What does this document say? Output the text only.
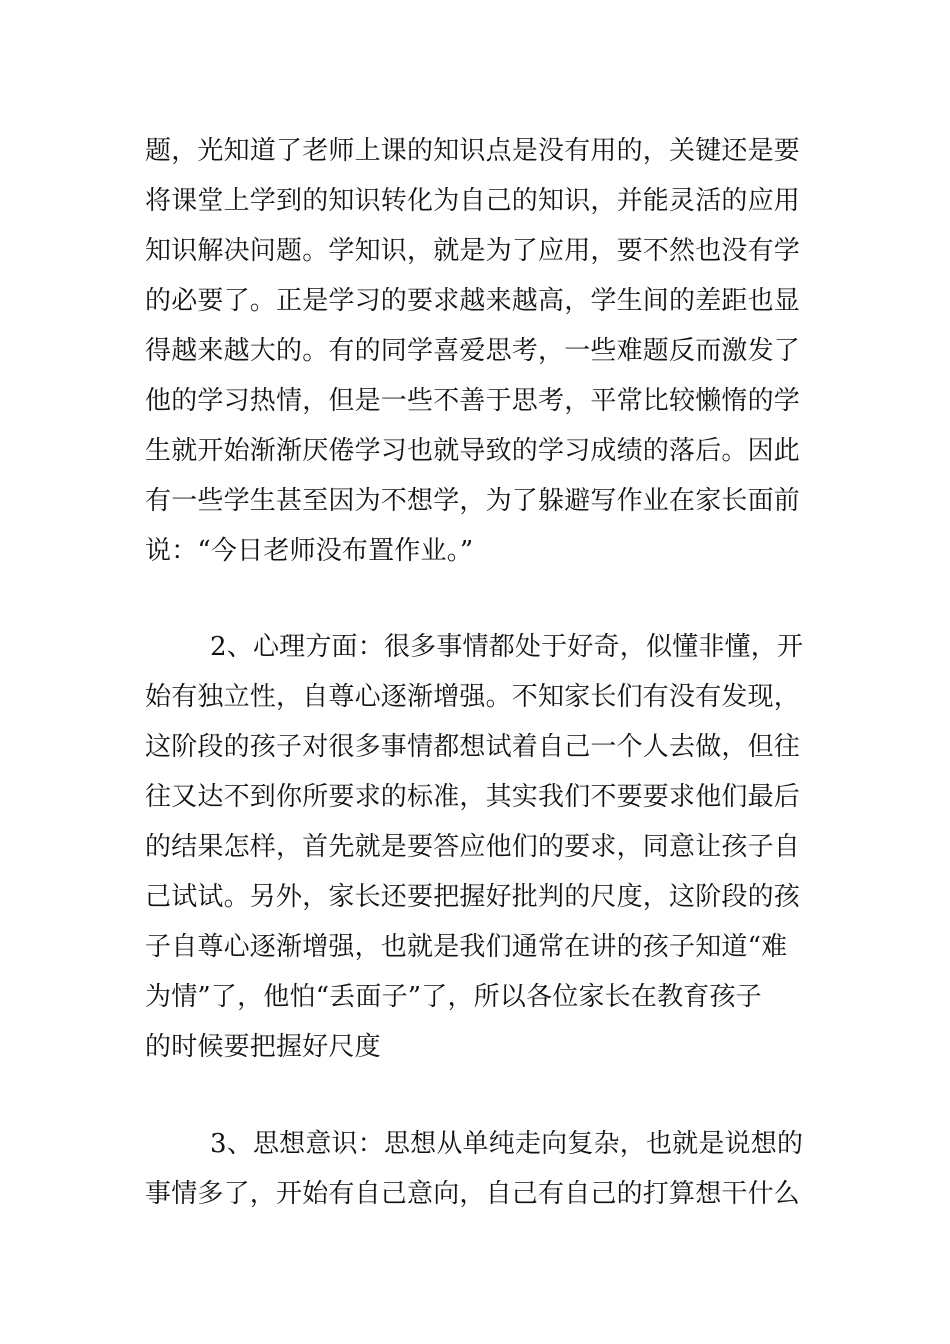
题，光知道了老师上课的知识点是没有用的，关键还是要
将课堂上学到的知识转化为自己的知识，并能灵活的应用
知识解决问题。学知识，就是为了应用，要不然也没有学
的必要了。正是学习的要求越来越高，学生间的差距也显
得越来越大的。有的同学喜爱思考，一些难题反而激发了
他的学习热情，但是一些不善于思考，平常比较懒惰的学
生就开始渐渐厌倦学习也就导致的学习成绩的落后。因此
有一些学生甚至因为不想学，为了躲避写作业在家长面前
说：“今日老师没布置作业。”
2、心理方面：很多事情都处于好奇，似懂非懂，开
始有独立性，自尊心逐渐增强。不知家长们有没有发现，
这阶段的孩子对很多事情都想试着自己一个人去做，但往
往又达不到你所要求的标准，其实我们不要要求他们最后
的结果怎样，首先就是要答应他们的要求，同意让孩子自
己试试。另外，家长还要把握好批判的尺度，这阶段的孩
子自尊心逐渐增强，也就是我们通常在讲的孩子知道“难
为情”了，他怕“丢面子”了，所以各位家长在教育孩子
的时候要把握好尺度
3、思想意识：思想从单纯走向复杂，也就是说想的
事情多了，开始有自己意向，自己有自己的打算想干什么
